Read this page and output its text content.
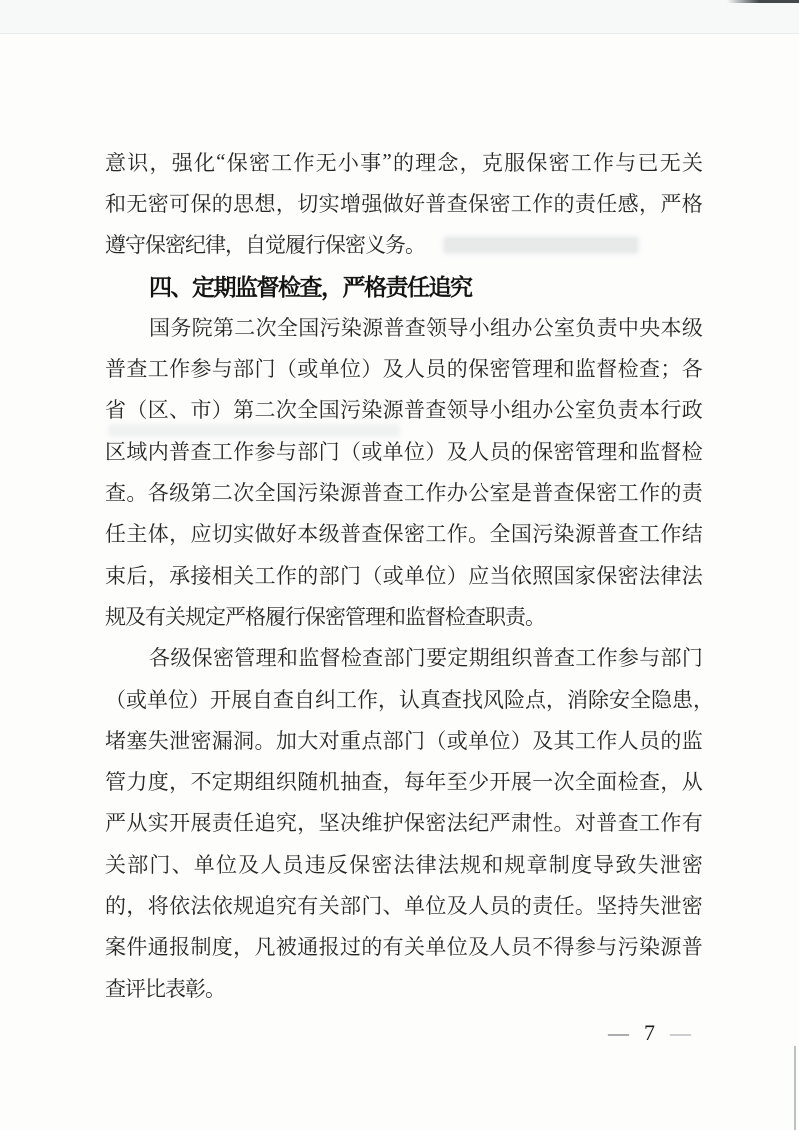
意 识 ， 强 化 “ 保 密 工 作 无 小 事 ” 的 理 念 ， 克 服 保 密 工 作 与 已 无 关
和 无 密 可 保 的 思 想 ， 切 实 增 强 做 好 普 查 保 密 工 作 的 责 任 感 ， 严 格
遵守保密纪律，自觉履行保密义务。
四、定期监督检查，严格责任追究
国 务 院 第 二 次 全 国 污 染 源 普 查 领 导 小 组 办 公 室 负 责 中 央 本 级
普 查 工 作 参 与 部 门 （ 或 单 位 ） 及 人 员 的 保 密 管 理 和 监 督 检 查 ； 各
省 （ 区 、 市 ） 第 二 次 全 国 污 染 源 普 查 领 导 小 组 办 公 室 负 责 本 行 政
区 域 内 普 查 工 作 参 与 部 门 （ 或 单 位 ） 及 人 员 的 保 密 管 理 和 监 督 检
查 。 各 级 第 二 次 全 国 污 染 源 普 查 工 作 办 公 室 是 普 查 保 密 工 作 的 责
任 主 体 ， 应 切 实 做 好 本 级 普 查 保 密 工 作 。 全 国 污 染 源 普 查 工 作 结
束 后 ， 承 接 相 关 工 作 的 部 门 （ 或 单 位 ） 应 当 依 照 国 家 保 密 法 律 法
规及有关规定严格履行保密管理和监督检查职责。
各 级 保 密 管 理 和 监 督 检 查 部 门 要 定 期 组 织 普 查 工 作 参 与 部 门
（ 或 单 位 ） 开 展 自 查 自 纠 工 作 ， 认 真 查 找 风 险 点 ， 消 除 安 全 隐 患 ，
堵 塞 失 泄 密 漏 洞 。 加 大 对 重 点 部 门 （ 或 单 位 ） 及 其 工 作 人 员 的 监
管 力 度 ， 不 定 期 组 织 随 机 抽 查 ， 每 年 至 少 开 展 一 次 全 面 检 查 ， 从
严 从 实 开 展 责 任 追 究 ， 坚 决 维 护 保 密 法 纪 严 肃 性 。 对 普 查 工 作 有
关 部 门 、 单 位 及 人 员 违 反 保 密 法 律 法 规 和 规 章 制 度 导 致 失 泄 密
的 ， 将 依 法 依 规 追 究 有 关 部 门 、 单 位 及 人 员 的 责 任 。 坚 持 失 泄 密
案 件 通 报 制 度 ， 凡 被 通 报 过 的 有 关 单 位 及 人 员 不 得 参 与 污 染 源 普
查评比表彰。
— 7 —
